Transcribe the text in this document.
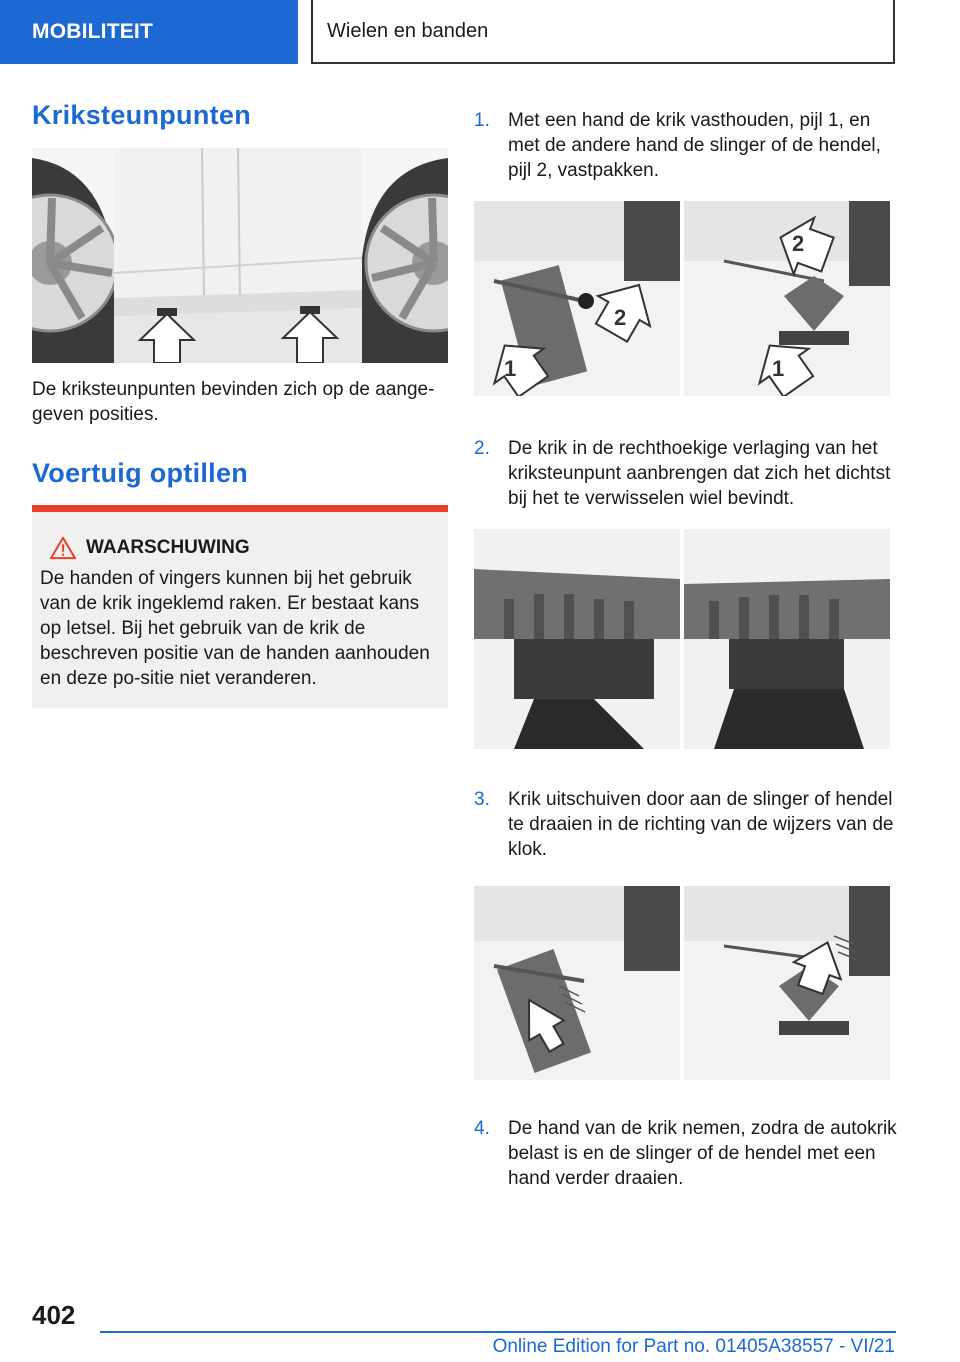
MOBILITEIT	Wielen en banden
Kriksteunpunten

De kriksteunpunten bevinden zich op de aange-geven posities.

Voertuig optillen
WAARSCHUWING

De handen of vingers kunnen bij het gebruik van de krik ingeklemd raken. Er bestaat kans op letsel. Bij het gebruik van de krik de beschreven positie van de handen aanhouden en deze po-sitie niet veranderen.

1. Met een hand de krik vasthouden, pijl 1, en met de andere hand de slinger of de hendel, pijl 2, vastpakken.
2
1
2
1
2. De krik in de rechthoekige verlaging van het kriksteunpunt aanbrengen dat zich het dichtst bij het te verwisselen wiel bevindt.
3. Krik uitschuiven door aan de slinger of hendel te draaien in de richting van de wijzers van de klok.
4. De hand van de krik nemen, zodra de autokrik belast is en de slinger of de hendel met een hand verder draaien.
402
Online Edition for Part no. 01405A38557 - VI/21
